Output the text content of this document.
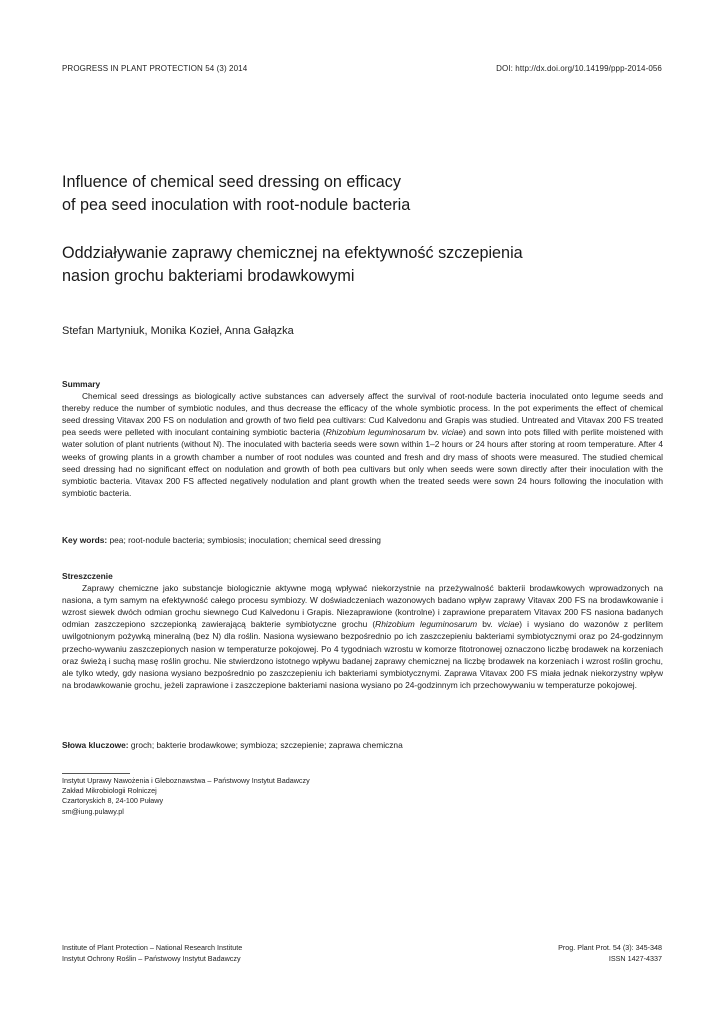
PROGRESS IN PLANT PROTECTION 54 (3) 2014	DOI: http://dx.doi.org/10.14199/ppp-2014-056
Influence of chemical seed dressing on efficacy
of pea seed inoculation with root-nodule bacteria
Oddziaływanie zaprawy chemicznej na efektywność szczepienia
nasion grochu bakteriami brodawkowymi
Stefan Martyniuk, Monika Kozieł, Anna Gałązka
Summary

Chemical seed dressings as biologically active substances can adversely affect the survival of root-nodule bacteria inoculated onto legume seeds and thereby reduce the number of symbiotic nodules, and thus decrease the efficacy of the whole symbiotic process. In the pot experiments the effect of chemical seed dressing Vitavax 200 FS on nodulation and growth of two field pea cultivars: Cud Kalvedonu and Grapis was studied. Untreated and Vitavax 200 FS treated pea seeds were pelleted with inoculant containing symbiotic bacteria (Rhizobium leguminosarum bv. viciae) and sown into pots filled with perlite moistened with water solution of plant nutrients (without N). The inoculated with bacteria seeds were sown within 1–2 hours or 24 hours after storing at room temperature. After 4 weeks of growing plants in a growth chamber a number of root nodules was counted and fresh and dry mass of shoots were measured. The studied chemical seed dressing had no significant effect on nodulation and growth of both pea cultivars but only when seeds were sown directly after their inoculation with the symbiotic bacteria. Vitavax 200 FS affected negatively nodulation and plant growth when the treated seeds were sown 24 hours following the inoculation with symbiotic bacteria.

Key words: pea; root-nodule bacteria; symbiosis; inoculation; chemical seed dressing
Streszczenie

Zaprawy chemiczne jako substancje biologicznie aktywne mogą wpływać niekorzystnie na przeżywalność bakterii brodawkowych wprowadzonych na nasiona, a tym samym na efektywność całego procesu symbiozy. W doświadczeniach wazonowych badano wpływ zaprawy Vitavax 200 FS na brodawkowanie i wzrost siewek dwóch odmian grochu siewnego Cud Kalvedonu i Grapis. Niezaprawione (kontrolne) i zaprawione preparatem Vitavax 200 FS nasiona badanych odmian zaszczepiono szczepionką zawierającą bakterie symbiotyczne grochu (Rhizobium leguminosarum bv. viciae) i wysiano do wazonów z perlitem uwilgotnionym pożywką mineralną (bez N) dla roślin. Nasiona wysiewano bezpośrednio po ich zaszczepieniu bakteriami symbiotycznymi oraz po 24-godzinnym przecho-wywaniu zaszczepionych nasion w temperaturze pokojowej. Po 4 tygodniach wzrostu w komorze fitotronowej oznaczono liczbę brodawek na korzeniach oraz świeżą i suchą masę roślin grochu. Nie stwierdzono istotnego wpływu badanej zaprawy chemicznej na liczbę brodawek na korzeniach i wzrost roślin grochu, ale tylko wtedy, gdy nasiona wysiano bezpośrednio po zaszczepieniu ich bakteriami symbiotycznymi. Zaprawa Vitavax 200 FS miała jednak niekorzystny wpływ na brodawkowanie grochu, jeżeli zaprawione i zaszczepione bakteriami nasiona wysiano po 24-godzinnym ich przechowywaniu w temperaturze pokojowej.

Słowa kluczowe: groch; bakterie brodawkowe; symbioza; szczepienie; zaprawa chemiczna
Instytut Uprawy Nawożenia i Gleboznawstwa – Państwowy Instytut Badawczy
Zakład Mikrobiologii Rolniczej
Czartoryskich 8, 24-100 Puławy
sm@iung.pulawy.pl
Institute of Plant Protection – National Research Institute
Instytut Ochrony Roślin – Państwowy Instytut Badawczy
Prog. Plant Prot. 54 (3): 345-348
ISSN 1427-4337
